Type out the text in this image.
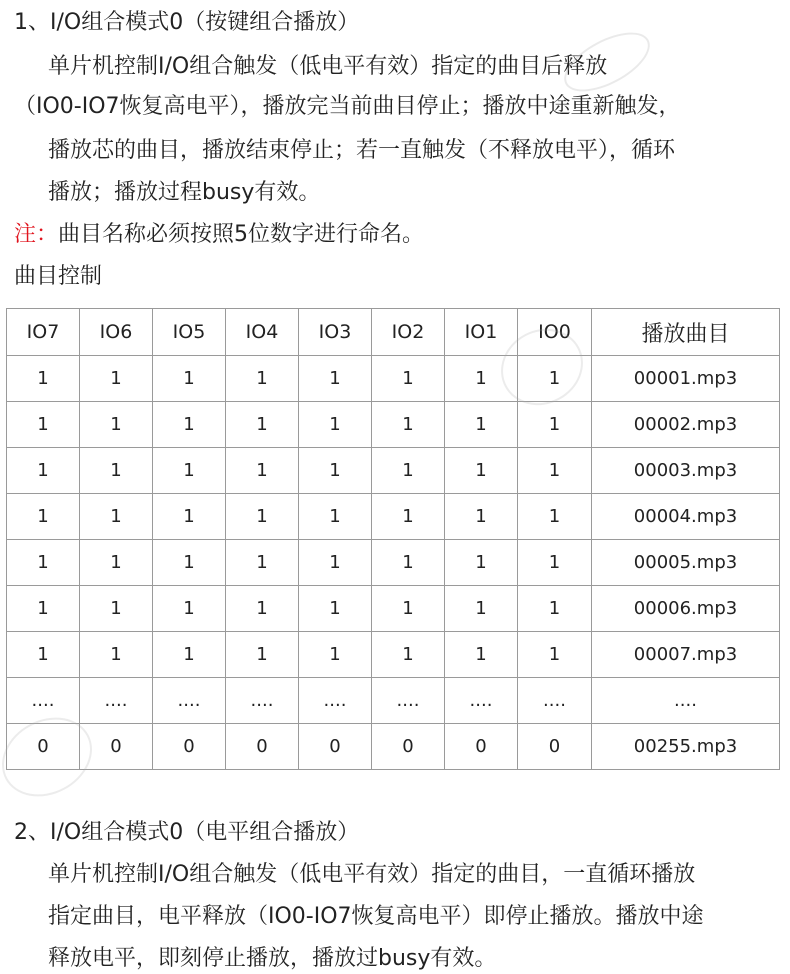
1、I/O组合模式0（按键组合播放）
单片机控制I/O组合触发（低电平有效）指定的曲目后释放
（IO0-IO7恢复高电平），播放完当前曲目停止；播放中途重新触发，
播放芯的曲目，播放结束停止；若一直触发（不释放电平），循环
播放；播放过程busy有效。
注：曲目名称必须按照5位数字进行命名。
曲目控制
IO7	IO6	IO5	IO4	IO3	IO2	IO1	IO0	播放曲目
1	1	1	1	1	1	1	1	00001.mp3
1	1	1	1	1	1	1	1	00002.mp3
1	1	1	1	1	1	1	1	00003.mp3
1	1	1	1	1	1	1	1	00004.mp3
1	1	1	1	1	1	1	1	00005.mp3
1	1	1	1	1	1	1	1	00006.mp3
1	1	1	1	1	1	1	1	00007.mp3
....	....	....	....	....	....	....	....	....
0	0	0	0	0	0	0	0	00255.mp3
2、I/O组合模式0（电平组合播放）
单片机控制I/O组合触发（低电平有效）指定的曲目，一直循环播放
指定曲目，电平释放（IO0-IO7恢复高电平）即停止播放。播放中途
释放电平，即刻停止播放，播放过busy有效。
